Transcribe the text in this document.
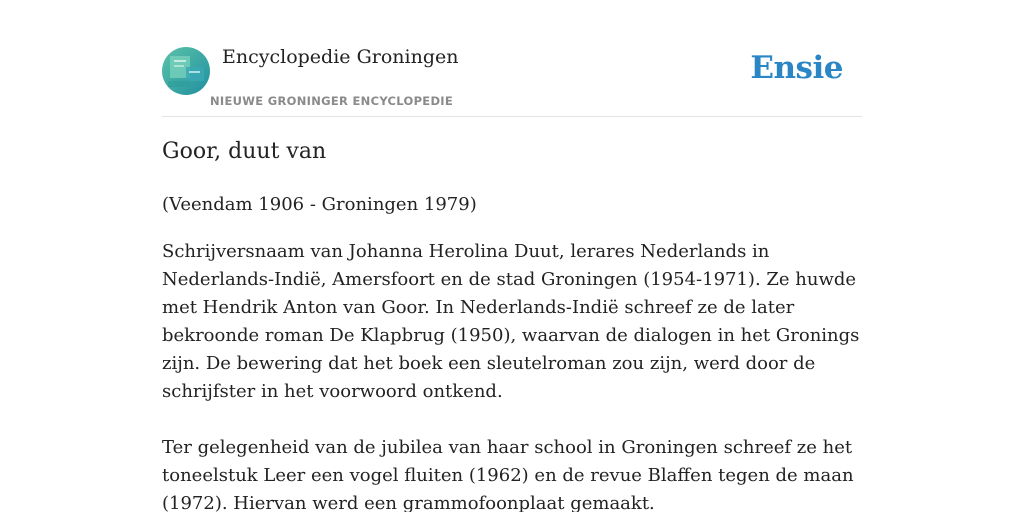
Encyclopedie Groningen
NIEUWE GRONINGER ENCYCLOPEDIE
Ensie
Goor, duut van

(Veendam 1906 - Groningen 1979)

Schrijversnaam van Johanna Herolina Duut, lerares Nederlands in Nederlands-Indië, Amersfoort en de stad Groningen (1954-1971). Ze huwde met Hendrik Anton van Goor. In Nederlands-Indië schreef ze de later bekroonde roman De Klapbrug (1950), waarvan de dialogen in het Gronings zijn. De bewering dat het boek een sleutelroman zou zijn, werd door de schrijfster in het voorwoord ontkend.

Ter gelegenheid van de jubilea van haar school in Groningen schreef ze het toneelstuk Leer een vogel fluiten (1962) en de revue Blaffen tegen de maan (1972). Hiervan werd een grammofoonplaat gemaakt.
